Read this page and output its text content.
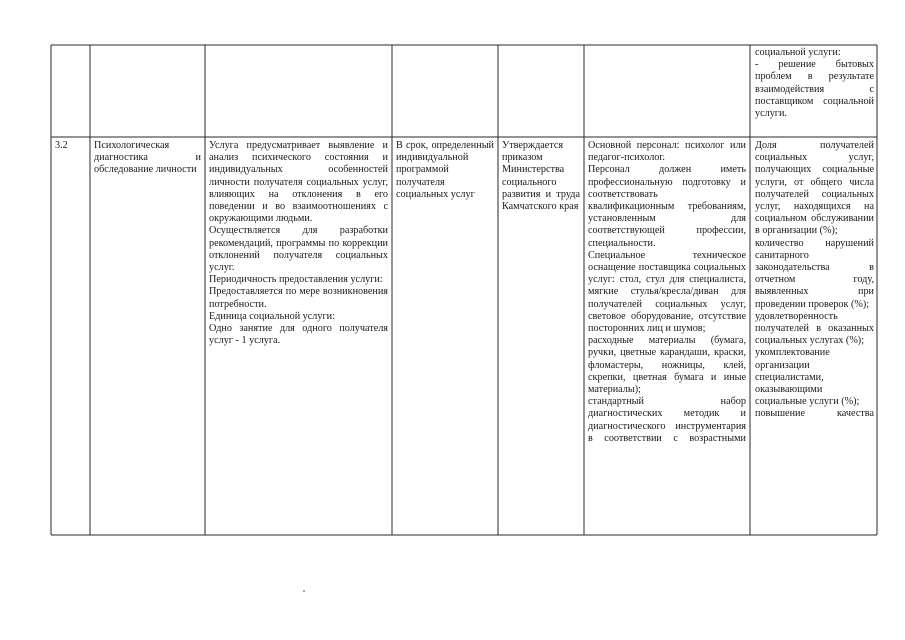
социальной услуги:
- решение бытовых проблем в результате взаимодействия с поставщиком социальной услуги.
3.2	Психологическая диагностика и обследование личности
Услуга предусматривает выявление и анализ психического состояния и индивидуальных особенностей личности получателя социальных услуг, влияющих на отклонения в его поведении и во взаимоотношениях с окружающими людьми.
Осуществляется для разработки рекомендаций, программы по коррекции отклонений получателя социальных услуг.
Периодичность предоставления услуги:
Предоставляется по мере возникновения потребности.
Единица социальной услуги:
Одно занятие для одного получателя услуг - 1 услуга.
В срок, определенный индивидуальной программой получателя социальных услуг
Утверждается приказом Министерства социального развития и труда Камчатского края
Основной персонал: психолог или педагог-психолог.
Персонал должен иметь профессиональную подготовку и соответствовать квалификационным требованиям, установленным для соответствующей профессии, специальности.
Специальное техническое оснащение поставщика социальных услуг: стол, стул для специалиста, мягкие стулья/кресла/диван для получателей социальных услуг, световое оборудование, отсутствие посторонних лиц и шумов;
расходные материалы (бумага, ручки, цветные карандаши, краски, фломастеры, ножницы, клей, скрепки, цветная бумага и иные материалы);
стандартный набор диагностических методик и диагностического инструментария в соответствии с возрастными
Доля получателей социальных услуг, получающих социальные услуги, от общего числа получателей социальных услуг, находящихся на социальном обслуживании в организации (%);
количество нарушений санитарного законодательства в отчетном году, выявленных при проведении проверок (%);
удовлетворенность получателей в оказанных социальных услугах (%);
укомплектование организации специалистами, оказывающими социальные услуги (%);
повышение качества
